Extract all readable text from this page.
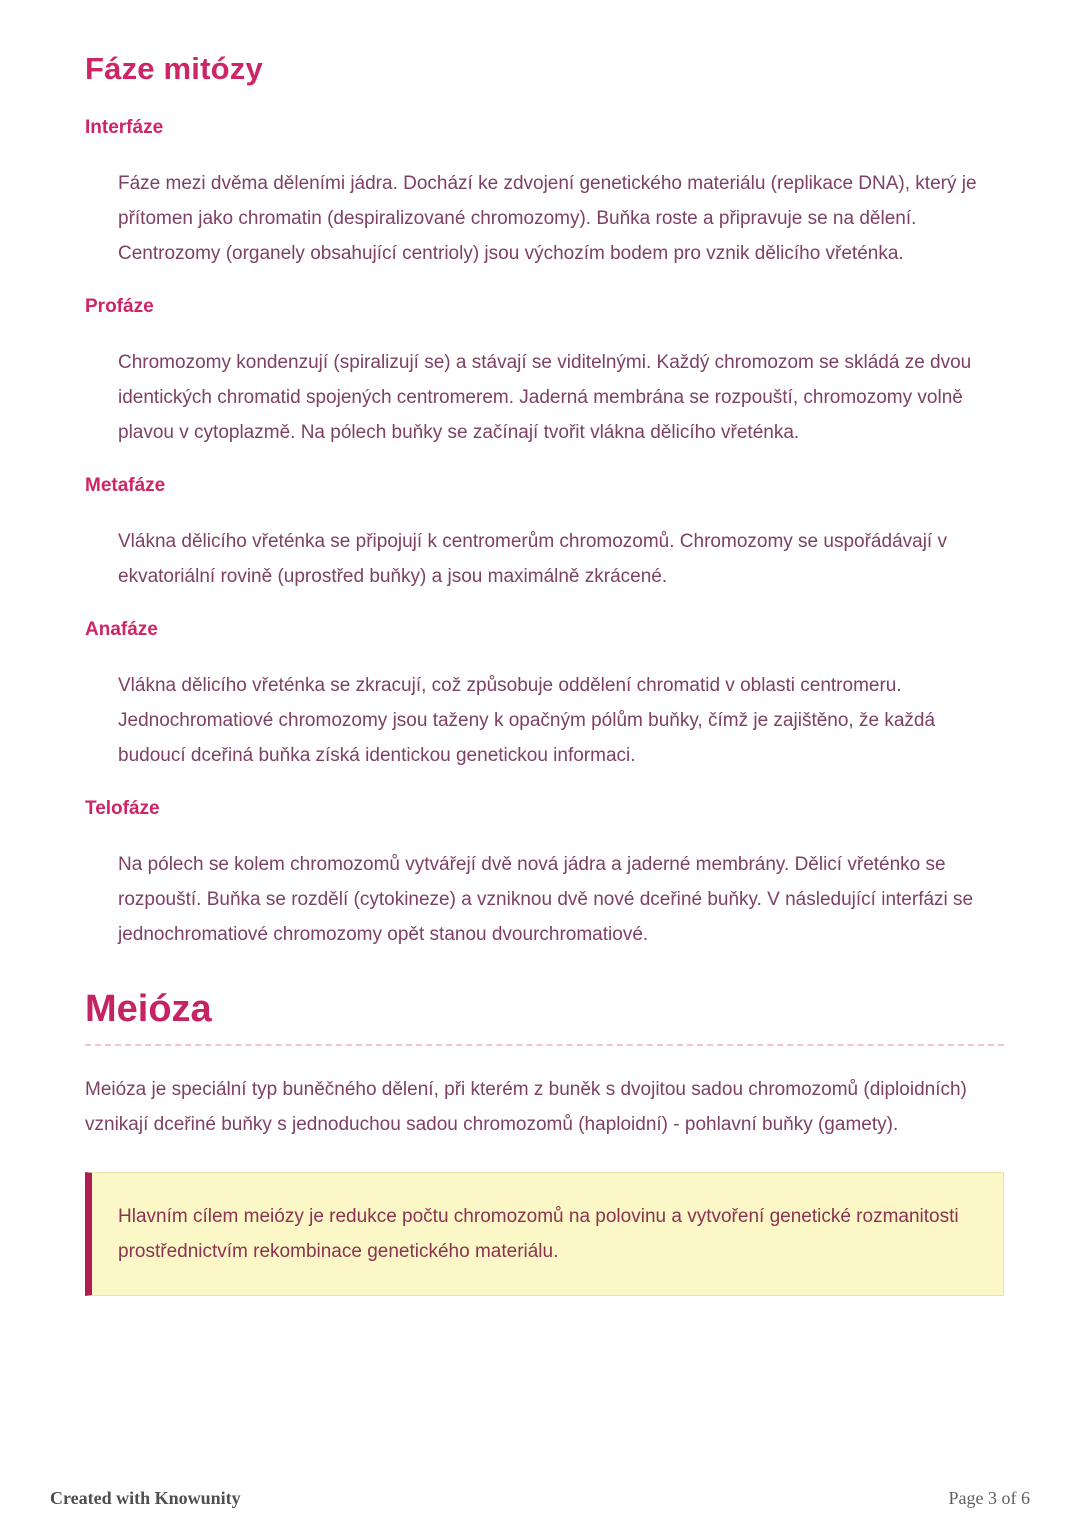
Fáze mitózy
Interfáze

Fáze mezi dvěma děleními jádra. Dochází ke zdvojení genetického materiálu (replikace DNA), který je přítomen jako chromatin (despiralizované chromozomy). Buňka roste a připravuje se na dělení. Centrozomy (organely obsahující centrioly) jsou výchozím bodem pro vznik dělicího vřeténka.

Profáze

Chromozomy kondenzují (spiralizují se) a stávají se viditelnými. Každý chromozom se skládá ze dvou identických chromatid spojených centromerem. Jaderná membrána se rozpouští, chromozomy volně plavou v cytoplazmě. Na pólech buňky se začínají tvořit vlákna dělicího vřeténka.

Metafáze

Vlákna dělicího vřeténka se připojují k centromerům chromozomů. Chromozomy se uspořádávají v ekvatoriální rovině (uprostřed buňky) a jsou maximálně zkrácené.

Anafáze

Vlákna dělicího vřeténka se zkracují, což způsobuje oddělení chromatid v oblasti centromeru. Jednochromatiové chromozomy jsou taženy k opačným pólům buňky, čímž je zajištěno, že každá budoucí dceřiná buňka získá identickou genetickou informaci.

Telofáze

Na pólech se kolem chromozomů vytvářejí dvě nová jádra a jaderné membrány. Dělicí vřeténko se rozpouští. Buňka se rozdělí (cytokineze) a vzniknou dvě nové dceřiné buňky. V následující interfázi se jednochromatiové chromozomy opět stanou dvourchromatiové.

Meióza

Meióza je speciální typ buněčného dělení, při kterém z buněk s dvojitou sadou chromozomů (diploidních) vznikají dceřiné buňky s jednoduchou sadou chromozomů (haploidní) - pohlavní buňky (gamety).

Hlavním cílem meiózy je redukce počtu chromozomů na polovinu a vytvoření genetické rozmanitosti prostřednictvím rekombinace genetického materiálu.

Created with Knowunity	Page 3 of 6
